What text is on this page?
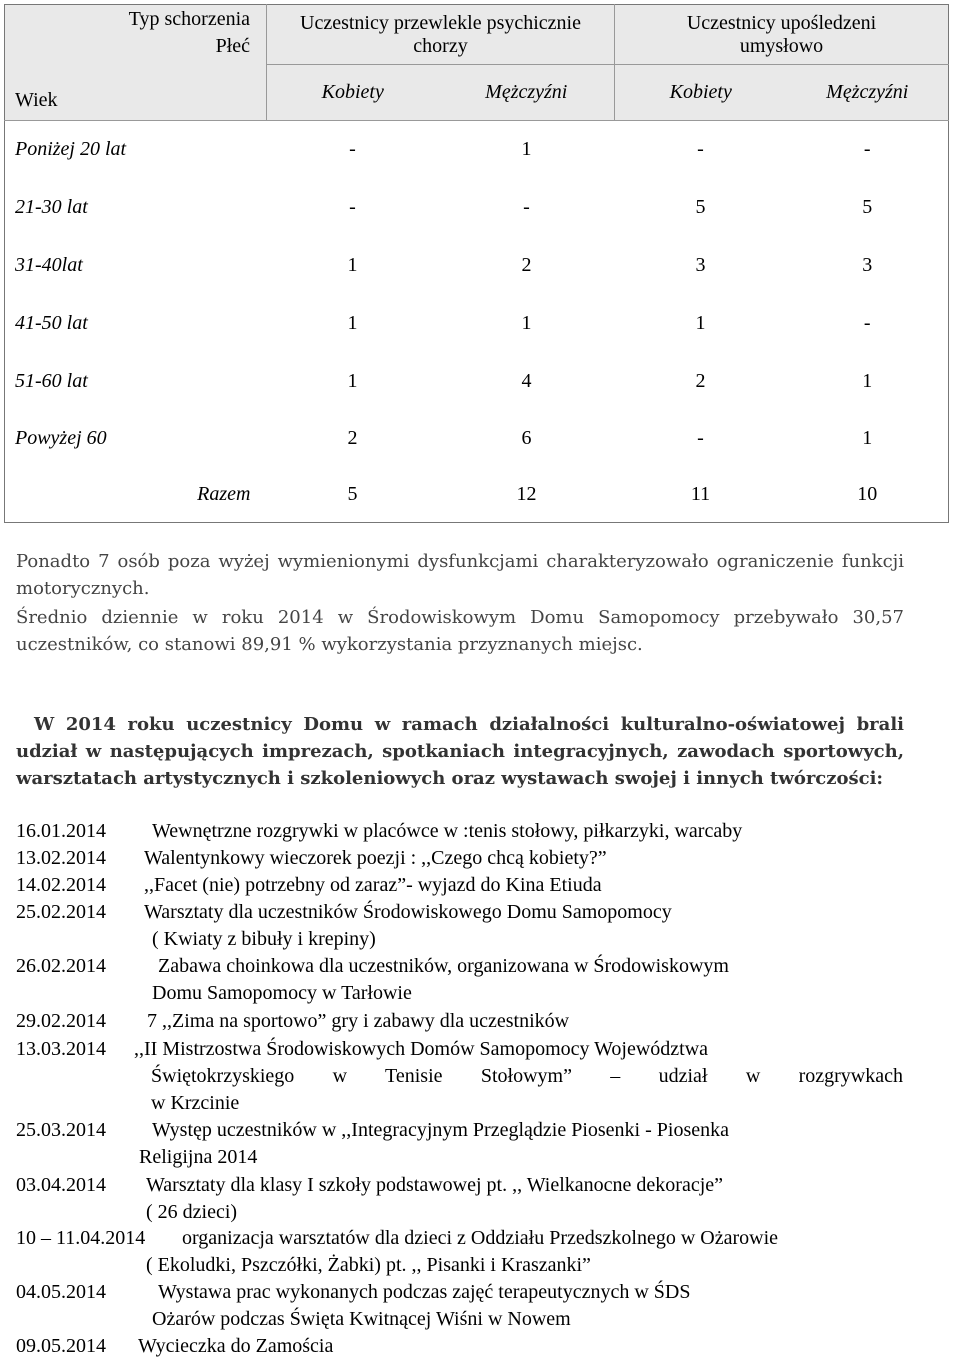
Typ schorzenia
Płeć
Wiek	Uczestnicy przewlekle psychicznie chorzy		Uczestnicy upośledzeni umysłowo	
	Kobiety	Mężczyźni	Kobiety	Mężczyźni
Poniżej 20 lat	-	1	-	-
21-30 lat	-	-	5	5
31-40lat	1	2	3	3
41-50 lat	1	1	1	-
51-60 lat	1	4	2	1
Powyżej 60	2	6	-	1
Razem	5	12	11	10
Ponadto 7 osób poza wyżej wymienionymi dysfunkcjami charakteryzowało ograniczenie funkcji motorycznych.
Średnio dziennie w roku 2014 w Środowiskowym Domu Samopomocy przebywało 30,57 uczestników, co stanowi 89,91 % wykorzystania przyznanych miejsc.
W 2014 roku uczestnicy Domu w ramach działalności kulturalno-oświatowej brali udział w następujących imprezach, spotkaniach integracyjnych, zawodach sportowych, warsztatach artystycznych i szkoleniowych oraz wystawach swojej i innych twórczości:
16.01.2014 Wewnętrzne rozgrywki w placówce w :tenis stołowy, piłkarzyki, warcaby
13.02.2014 Walentynkowy wieczorek poezji : ,,Czego chcą kobiety?”
14.02.2014 ,,Facet (nie) potrzebny od zaraz”- wyjazd do Kina Etiuda
25.02.2014 Warsztaty dla uczestników Środowiskowego Domu Samopomocy
( Kwiaty z bibuły i krepiny)
26.02.2014	Zabawa choinkowa dla uczestników, organizowana w Środowiskowym
Domu Samopomocy w Tarłowie
29.02.2014 7 ,,Zima na sportowo” gry i zabawy dla uczestników
13.03.2014 ,,II Mistrzostwa Środowiskowych Domów Samopomocy Województwa
Świętokrzyskiego w Tenisie Stołowym” – udział w rozgrywkach
w Krzcinie
25.03.2014 Występ uczestników w ,,Integracyjnym Przeglądzie Piosenki - Piosenka
Religijna 2014
03.04.2014 Warsztaty dla klasy I szkoły podstawowej pt. ,, Wielkanocne dekoracje”
( 26 dzieci)
10 – 11.04.2014 organizacja warsztatów dla dzieci z Oddziału Przedszkolnego w Ożarowie
( Ekoludki, Pszczółki, Żabki) pt. ,, Pisanki i Kraszanki”
04.05.2014	Wystawa prac wykonanych podczas zajęć terapeutycznych w ŚDS
Ożarów podczas Święta Kwitnącej Wiśni w Nowem
09.05.2014 Wycieczka do Zamościa
